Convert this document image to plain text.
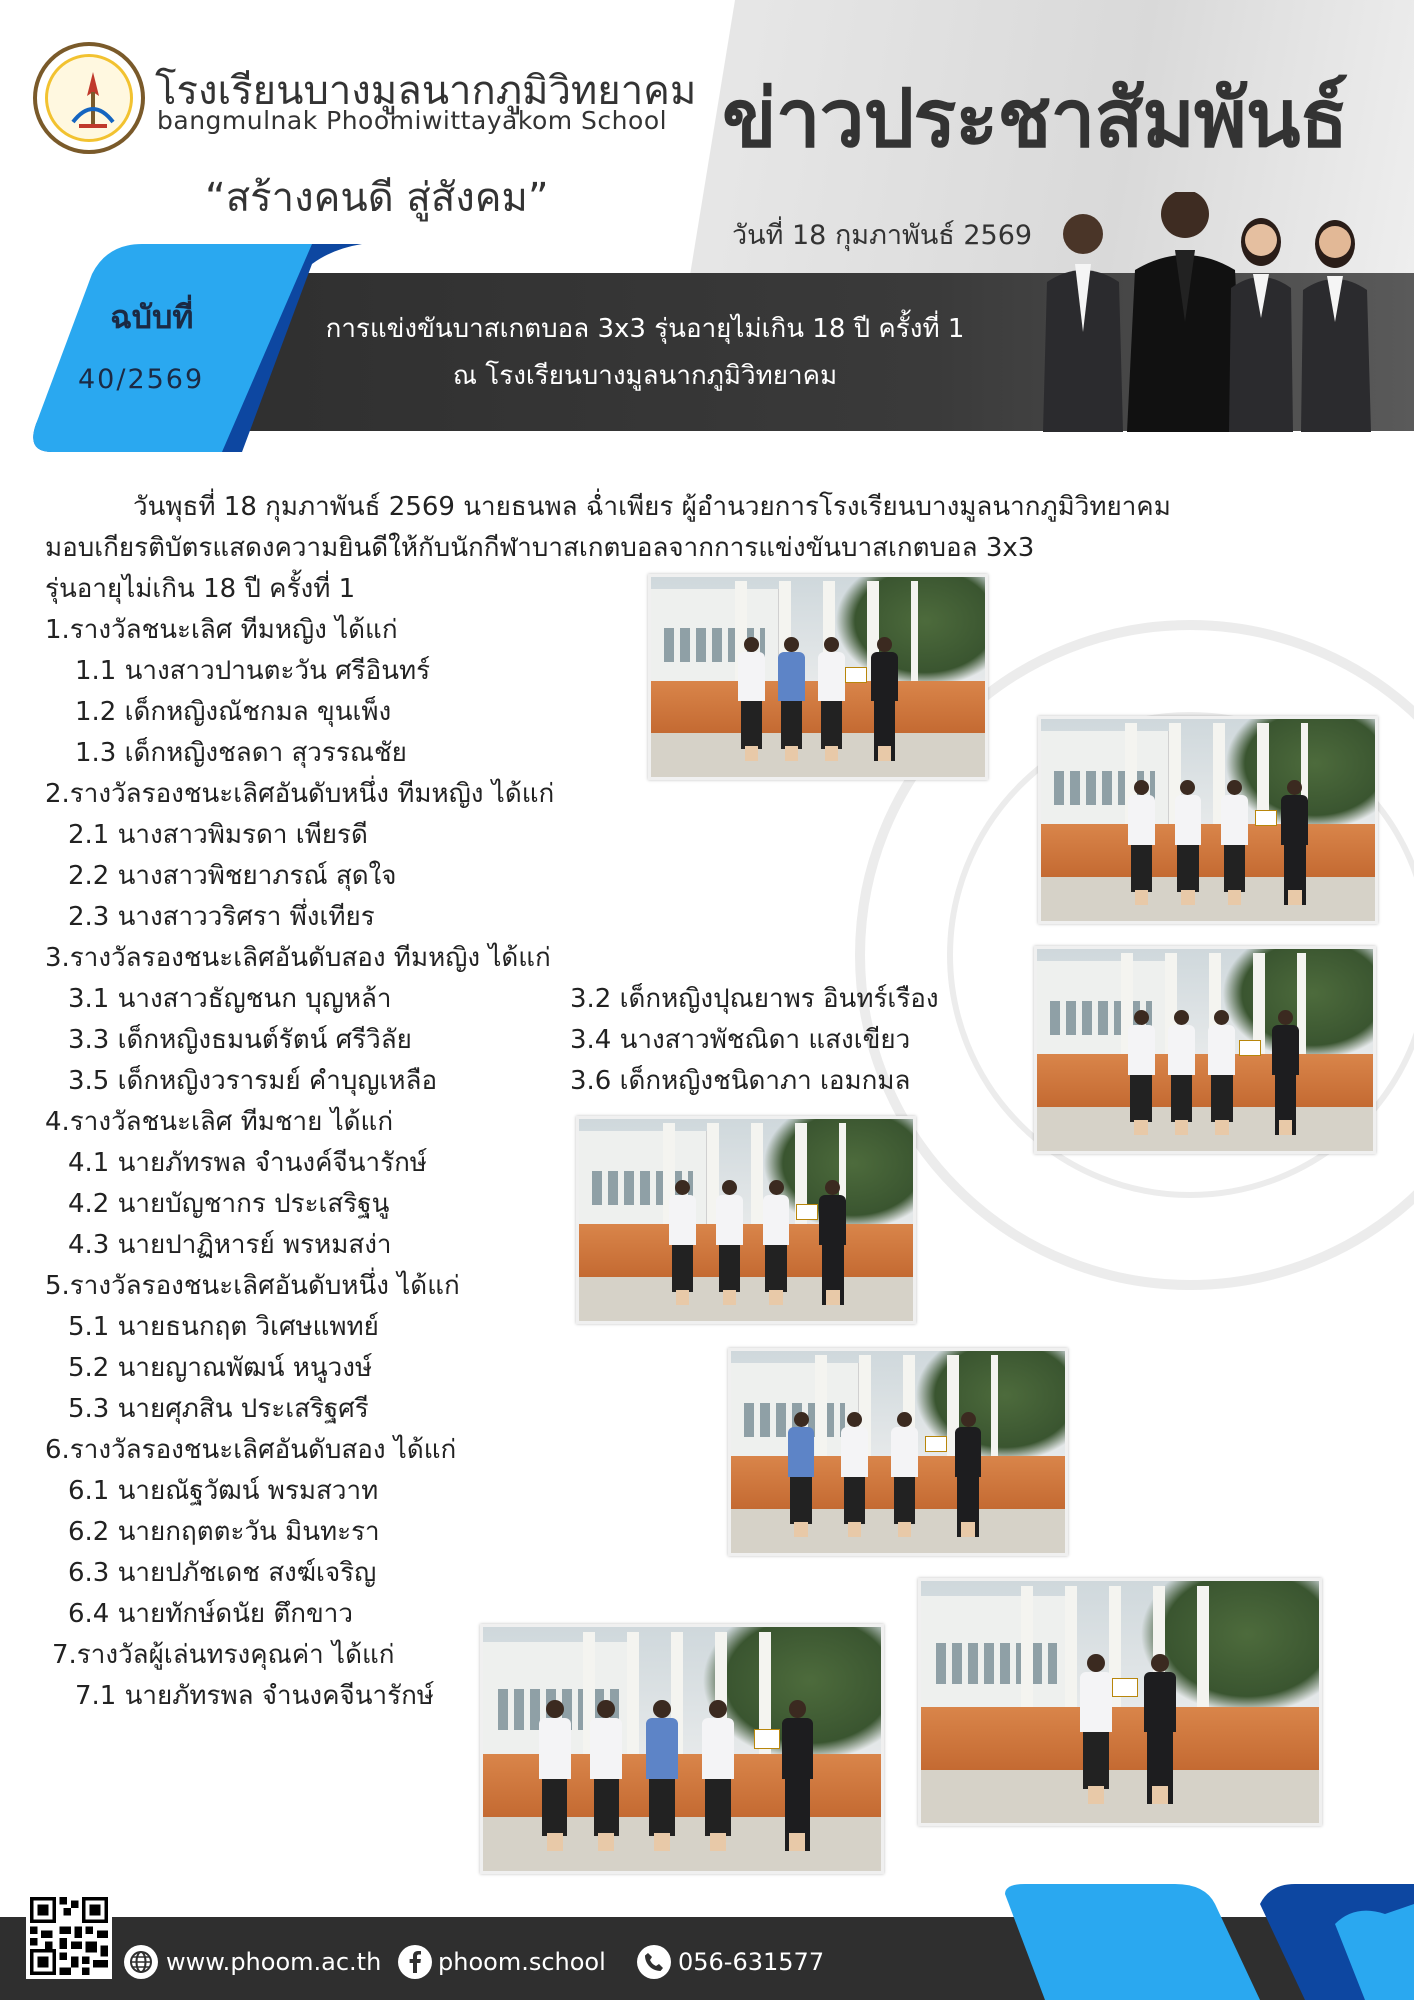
โรงเรียนบางมูลนากภูมิวิทยาคม
bangmulnak Phoomiwittayakom School
“สร้างคนดี สู่สังคม”
ข่าวประชาสัมพันธ์
วันที่ 18 กุมภาพันธ์ 2569
ฉบับที่
40/2569
การแข่งขันบาสเกตบอล 3x3 รุ่นอายุไม่เกิน 18 ปี ครั้งที่ 1
ณ โรงเรียนบางมูลนากภูมิวิทยาคม
วันพุธที่ 18 กุมภาพันธ์ 2569 นายธนพล ฉ่ำเพียร ผู้อำนวยการโรงเรียนบางมูลนากภูมิวิทยาคม
มอบเกียรติบัตรแสดงความยินดีให้กับนักกีฬาบาสเกตบอลจากการแข่งขันบาสเกตบอล 3x3
รุ่นอายุไม่เกิน 18 ปี ครั้งที่ 1
1.รางวัลชนะเลิศ ทีมหญิง ได้แก่
1.1 นางสาวปานตะวัน ศรีอินทร์
1.2 เด็กหญิงณัชกมล ขุนเพ็ง
1.3 เด็กหญิงชลดา สุวรรณชัย
2.รางวัลรองชนะเลิศอันดับหนึ่ง ทีมหญิง ได้แก่
2.1 นางสาวพิมรดา เพียรดี
2.2 นางสาวพิชยาภรณ์ สุดใจ
2.3 นางสาววริศรา พึ่งเทียร
3.รางวัลรองชนะเลิศอันดับสอง ทีมหญิง ได้แก่
3.1 นางสาวธัญชนก บุญหล้า	3.2 เด็กหญิงปุณยาพร อินทร์เรือง
3.3 เด็กหญิงธมนต์รัตน์ ศรีวิลัย	3.4 นางสาวพัชณิดา แสงเขียว
3.5 เด็กหญิงวรารมย์ คำบุญเหลือ	3.6 เด็กหญิงชนิดาภา เอมกมล
4.รางวัลชนะเลิศ ทีมชาย ได้แก่
4.1 นายภัทรพล จำนงค์จีนารักษ์
4.2 นายบัญชากร ประเสริฐนู
4.3 นายปาฏิหารย์ พรหมสง่า
5.รางวัลรองชนะเลิศอันดับหนึ่ง ได้แก่
5.1 นายธนกฤต วิเศษแพทย์
5.2 นายญาณพัฒน์ หนูวงษ์
5.3 นายศุภสิน ประเสริฐศรี
6.รางวัลรองชนะเลิศอันดับสอง ได้แก่
6.1 นายณัฐวัฒน์ พรมสวาท
6.2 นายกฤตตะวัน มินทะรา
6.3 นายปภัชเดช สงฆ์เจริญ
6.4 นายทักษ์ดนัย ตึกขาว
7.รางวัลผู้เล่นทรงคุณค่า ได้แก่
7.1 นายภัทรพล จำนงคจีนารักษ์
www.phoom.ac.th phoom.school	056-631577
